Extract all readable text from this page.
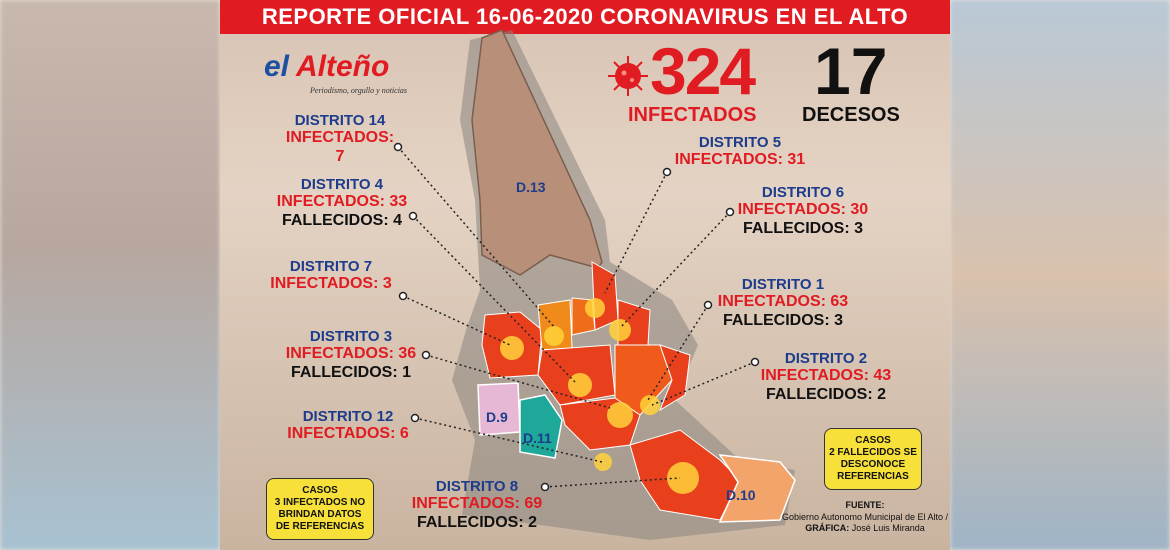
REPORTE OFICIAL 16-06-2020 CORONAVIRUS EN EL ALTO
el Alteño
Periodismo, orgullo y noticias
D.13
D.9
D.11
D.10
324
INFECTADOS
17
DECESOS
DISTRITO 14
INFECTADOS: 7
DISTRITO 4
INFECTADOS: 33
FALLECIDOS: 4
DISTRITO 7
INFECTADOS: 3
DISTRITO 3
INFECTADOS: 36
FALLECIDOS: 1
DISTRITO 12
INFECTADOS: 6
DISTRITO 8
INFECTADOS: 69
FALLECIDOS: 2
DISTRITO 5
INFECTADOS: 31
DISTRITO 6
INFECTADOS: 30
FALLECIDOS: 3
DISTRITO 1
INFECTADOS: 63
FALLECIDOS: 3
DISTRITO 2
INFECTADOS: 43
FALLECIDOS: 2
CASOS
3 INFECTADOS NO BRINDAN DATOS DE REFERENCIAS
CASOS
2 FALLECIDOS SE DESCONOCE REFERENCIAS
FUENTE:
Gobierno Autonomo Municipal de El Alto /
GRÁFICA: José Luis Miranda
